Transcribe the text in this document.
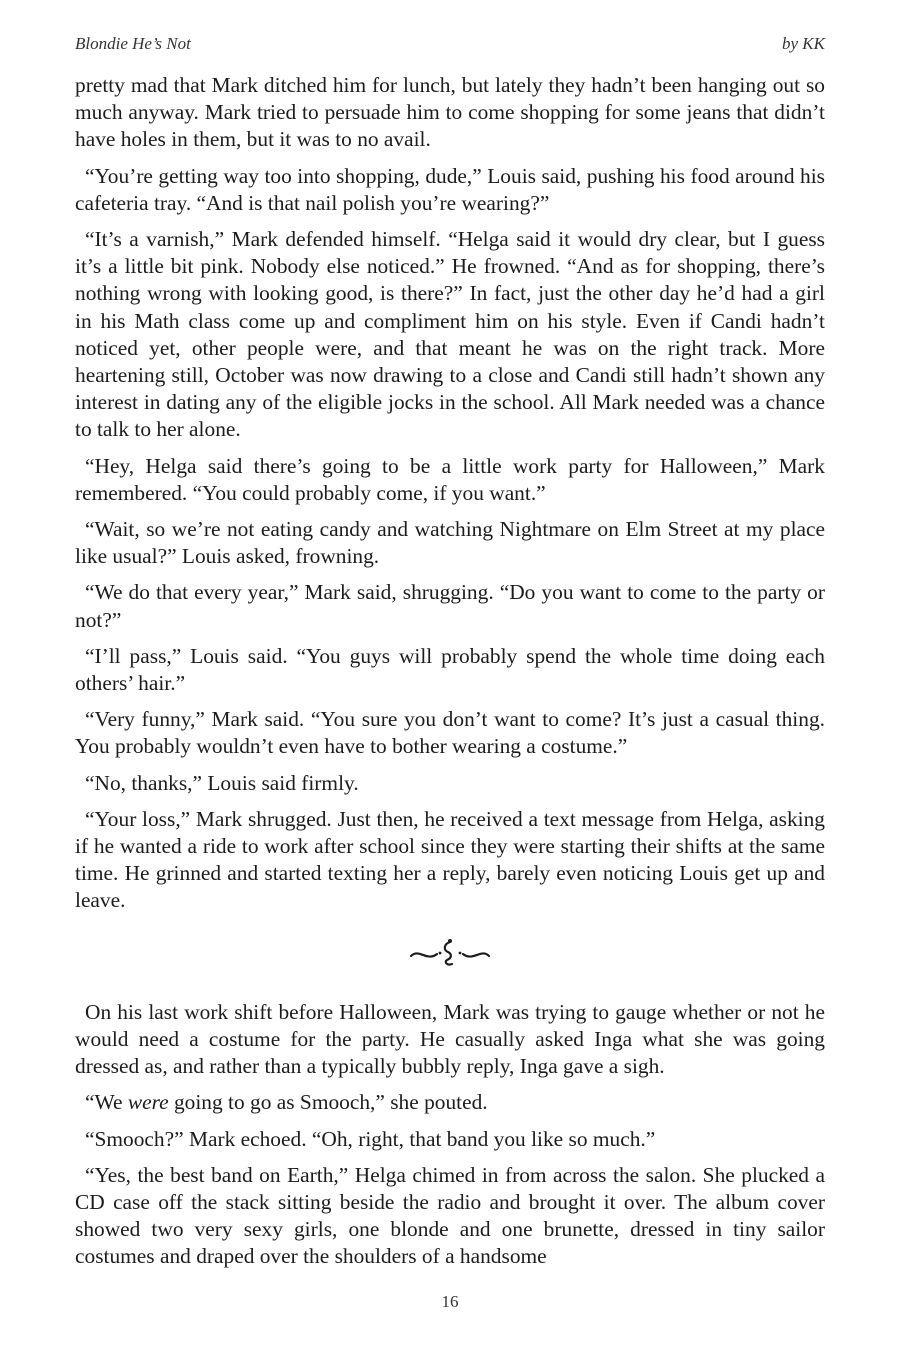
Blondie He’s Not	by KK

pretty mad that Mark ditched him for lunch, but lately they hadn’t been hanging out so much anyway. Mark tried to persuade him to come shopping for some jeans that didn’t have holes in them, but it was to no avail.

“You’re getting way too into shopping, dude,” Louis said, pushing his food around his cafeteria tray. “And is that nail polish you’re wearing?”

“It’s a varnish,” Mark defended himself. “Helga said it would dry clear, but I guess it’s a little bit pink. Nobody else noticed.” He frowned. “And as for shopping, there’s nothing wrong with looking good, is there?” In fact, just the other day he’d had a girl in his Math class come up and compliment him on his style. Even if Candi hadn’t noticed yet, other people were, and that meant he was on the right track. More heartening still, October was now drawing to a close and Candi still hadn’t shown any interest in dating any of the eligible jocks in the school. All Mark needed was a chance to talk to her alone.

“Hey, Helga said there’s going to be a little work party for Halloween,” Mark remembered. “You could probably come, if you want.”

“Wait, so we’re not eating candy and watching Nightmare on Elm Street at my place like usual?” Louis asked, frowning.

“We do that every year,” Mark said, shrugging. “Do you want to come to the party or not?”

“I’ll pass,” Louis said. “You guys will probably spend the whole time doing each others’ hair.”

“Very funny,” Mark said. “You sure you don’t want to come? It’s just a casual thing. You probably wouldn’t even have to bother wearing a costume.”

“No, thanks,” Louis said firmly.

“Your loss,” Mark shrugged. Just then, he received a text message from Helga, asking if he wanted a ride to work after school since they were starting their shifts at the same time. He grinned and started texting her a reply, barely even noticing Louis get up and leave.

On his last work shift before Halloween, Mark was trying to gauge whether or not he would need a costume for the party. He casually asked Inga what she was going dressed as, and rather than a typically bubbly reply, Inga gave a sigh.

“We were going to go as Smooch,” she pouted.

“Smooch?” Mark echoed. “Oh, right, that band you like so much.”

“Yes, the best band on Earth,” Helga chimed in from across the salon. She plucked a CD case off the stack sitting beside the radio and brought it over. The album cover showed two very sexy girls, one blonde and one brunette, dressed in tiny sailor costumes and draped over the shoulders of a handsome

16
